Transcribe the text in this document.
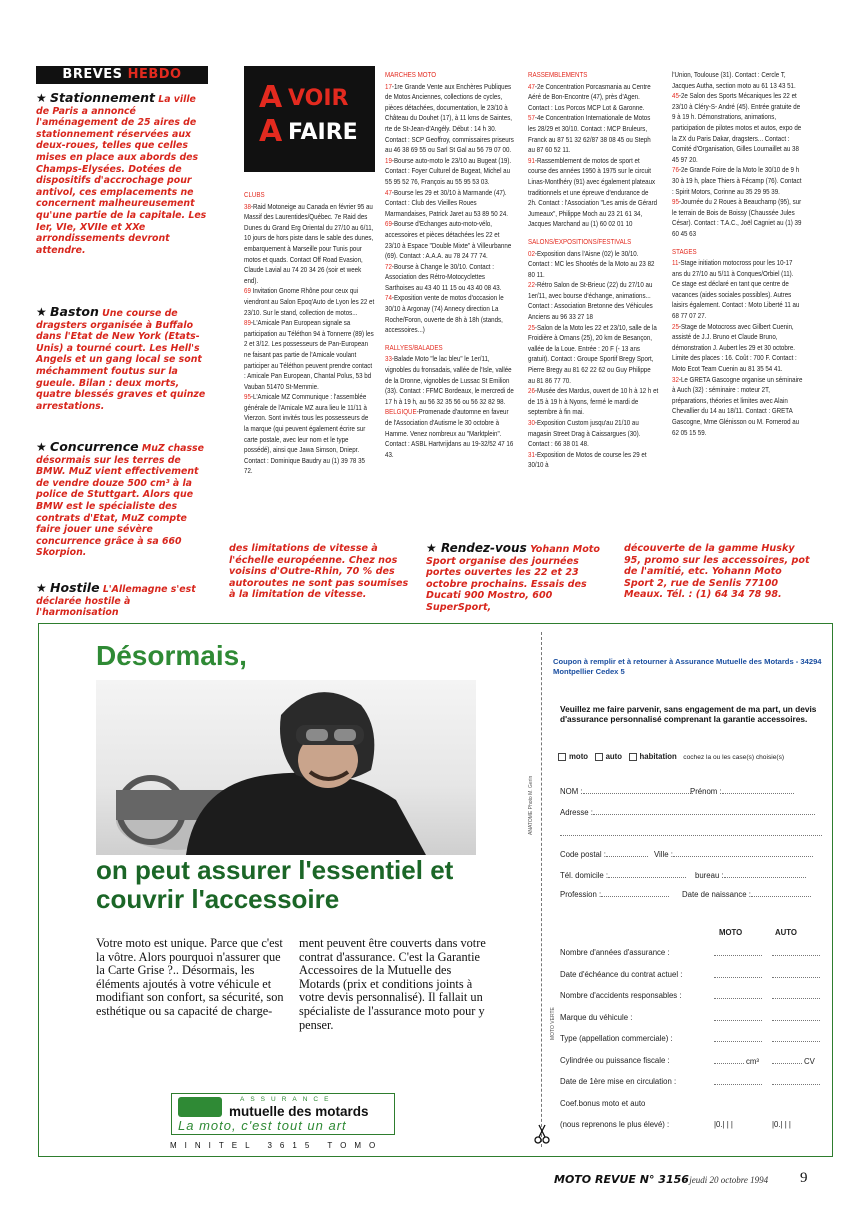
BREVES HEBDO
★ Stationnement La ville de Paris a annoncé l'aménagement de 25 aires de stationnement réservées aux deux-roues, telles que celles mises en place aux abords des Champs-Elysées. Dotées de dispositifs d'accrochage pour antivol, ces emplacements ne concernent malheureusement qu'une partie de la capitale. Les Ier, VIe, XVIIe et XXe arrondissements devront attendre.
★ Baston Une course de dragsters organisée à Buffalo dans l'Etat de New York (Etats-Unis) a tourné court. Les Hell's Angels et un gang local se sont méchamment foutus sur la gueule. Bilan : deux morts, quatre blessés graves et quinze arrestations.
★ Concurrence MuZ chasse désormais sur les terres de BMW. MuZ vient effectivement de vendre douze 500 cm³ à la police de Stuttgart. Alors que BMW est le spécialiste des contrats d'Etat, MuZ compte faire jouer une sévère concurrence grâce à sa 660 Skorpion.
★ Hostile L'Allemagne s'est déclarée hostile à l'harmonisation
A VOIR
A FAIRE
CLUBS

38-Raid Motoneige au Canada en février 95 au Massif des Laurentides/Québec. 7e Raid des Dunes du Grand Erg Oriental du 27/10 au 6/11, 10 jours de hors piste dans le sable des dunes, embarquement à Marseille pour Tunis pour motos et quads. Contact Off Road Evasion, Claude Lavial au 74 20 34 26 (soir et week end).

69 Invitation Gnome Rhône pour ceux qui viendront au Salon Epoq'Auto de Lyon les 22 et 23/10. Sur le stand, collection de motos...

89-L'Amicale Pan European signale sa participation au Téléthon 94 à Tonnerre (89) les 2 et 3/12. Les possesseurs de Pan-European ne faisant pas partie de l'Amicale voulant participer au Téléthon peuvent prendre contact : Amicale Pan European, Chantal Polus, 53 bd Vauban 51470 St-Memmie.

95-L'Amicale MZ Communique : l'assemblée générale de l'Amicale MZ aura lieu le 11/11 à Vierzon. Sont invités tous les possesseurs de la marque (qui peuvent également écrire sur carte postale, avec leur nom et le type possédé), ainsi que Jawa Simson, Dniepr. Contact : Dominique Baudry au (1) 39 78 35 72.

MARCHES MOTO

17-1re Grande Vente aux Enchères Publiques de Motos Anciennes, collections de cycles, pièces détachées, documentation, le 23/10 à Château du Douhet (17), à 11 kms de Saintes, rte de St-Jean-d'Angély. Début : 14 h 30. Contact : SCP Geoffroy, commissaires priseurs au 46 38 69 55 ou Sarl St Gal au 56 79 07 00.

19-Bourse auto-moto le 23/10 au Bugeat (19). Contact : Foyer Culturel de Bugeat, Michel au 55 95 52 76, François au 55 95 53 03.

47-Bourse les 29 et 30/10 à Marmande (47). Contact : Club des Vieilles Roues Marmandaises, Patrick Jaret au 53 89 50 24.

69-Bourse d'Echanges auto-moto-vélo, accessoires et pièces détachées les 22 et 23/10 à Espace "Double Mixte" à Villeurbanne (69). Contact : A.A.A. au 78 24 77 74.

72-Bourse à Change le 30/10. Contact : Association des Rétro-Motocyclettes Sarthoises au 43 40 11 15 ou 43 40 08 43.

74-Exposition vente de motos d'occasion le 30/10 à Argonay (74) Annecy direction La Roche/Foron, ouverte de 8h à 18h (stands, accessoires...)

RALLYES/BALADES

33-Balade Moto "le lac bleu" le 1er/11, vignobles du fronsadais, vallée de l'Isle, vallée de la Dronne, vignobles de Lussac St Emilion (33). Contact : FFMC Bordeaux, le mercredi de 17 h à 19 h, au 56 32 35 56 ou 56 32 82 98.

BELGIQUE-Promenade d'automne en faveur de l'Association d'Autisme le 30 octobre à Hamme. Venez nombreux au "Marktplein". Contact : ASBL Hartvrijdans au 19-32/52 47 16 43.

RASSEMBLEMENTS

47-2e Concentration Porcasmania au Centre Aéré de Bon-Encontre (47), près d'Agen. Contact : Los Porcos MCP Lot & Garonne.

57-4e Concentration Internationale de Motos les 28/29 et 30/10. Contact : MCP Bruleurs, Franck au 87 51 32 62/87 38 08 45 ou Steph au 87 60 52 11.

91-Rassemblement de motos de sport et course des années 1950 à 1975 sur le circuit Linas-Montlhéry (91) avec également plateaux traditionnels et une épreuve d'endurance de 2h. Contact : l'Association "Les amis de Gérard Jumeaux", Philippe Moch au 23 21 61 34, Jacques Marchand au (1) 60 02 01 10

SALONS/EXPOSITIONS/FESTIVALS

02-Exposition dans l'Aisne (02) le 30/10. Contact : MC les Shootés de la Moto au 23 82 80 11.

22-Rétro Salon de St-Brieuc (22) du 27/10 au 1er/11, avec bourse d'échange, animations... Contact : Association Bretonne des Véhicules Anciens au 96 33 27 18

25-Salon de la Moto les 22 et 23/10, salle de la Froidière à Ornans (25), 20 km de Besançon, vallée de la Loue. Entrée : 20 F (- 13 ans gratuit). Contact : Groupe Sportif Bregy Sport, Pierre Bregy au 81 62 22 62 ou Guy Philippe au 81 86 77 70.

26-Musée des Mardus, ouvert de 10 h à 12 h et de 15 à 19 h à Nyons, fermé le mardi de septembre à fin mai.

30-Exposition Custom jusqu'au 21/10 au magasin Street Drag à Caissargues (30). Contact : 66 38 01 48.

31-Exposition de Motos de course les 29 et 30/10 à

l'Union, Toulouse (31). Contact : Cercle T, Jacques Autha, section moto au 61 13 43 51.

45-2e Salon des Sports Mécaniques les 22 et 23/10 à Cléry-S- André (45). Entrée gratuite de 9 à 19 h. Démonstrations, animations, participation de pilotes motos et autos, expo de la ZX du Paris Dakar, dragsters... Contact : Comité d'Organisation, Gilles Loumaillet au 38 45 97 20.

76-2e Grande Foire de la Moto le 30/10 de 9 h 30 à 19 h, place Thiers à Fécamp (76). Contact : Spirit Motors, Corinne au 35 29 95 39.

95-Journée du 2 Roues à Beauchamp (95), sur le terrain de Bois de Boissy (Chaussée Jules César). Contact : T.A.C., Joël Cagniet au (1) 39 60 45 63

STAGES

11-Stage initiation motocross pour les 10-17 ans du 27/10 au 5/11 à Conques/Orbiel (11). Ce stage est déclaré en tant que centre de vacances (aides sociales possibles). Autres laisirs également. Contact : Moto Liberté 11 au 68 77 07 27.

25-Stage de Motocross avec Gilbert Cuenin, assisté de J.J. Bruno et Claude Bruno, démonstration J. Aubert les 29 et 30 octobre. Limite des places : 16. Coût : 700 F. Contact : Moto Ecot Team Cuenin au 81 35 54 41.

32-Le GRETA Gascogne organise un séminaire à Auch (32) : séminaire : moteur 2T, préparations, théories et limites avec Alain Chevallier du 14 au 18/11. Contact : GRETA Gascogne, Mme Glénisson ou M. Fornerod au 62 05 15 59.

des limitations de vitesse à l'échelle européenne. Chez nos voisins d'Outre-Rhin, 70 % des autoroutes ne sont pas soumises à la limitation de vitesse.
★ Rendez-vous Yohann Moto Sport organise des journées portes ouvertes les 22 et 23 octobre prochains. Essais des Ducati 900 Mostro, 600 SuperSport,
découverte de la gamme Husky 95, promo sur les accessoires, pot de l'amitié, etc. Yohann Moto Sport 2, rue de Senlis 77100 Meaux. Tél. : (1) 64 34 78 98.
Désormais,
ANATOME Photo M. Gerin
on peut assurer l'essentiel et couvrir l'accessoire
Votre moto est unique. Parce que c'est la vôtre. Alors pourquoi n'assurer que la Carte Grise ?.. Désormais, les éléments ajoutés à votre véhicule et modifiant son confort, sa sécurité, son esthétique ou sa capacité de charge-
ment peuvent être couverts dans votre contrat d'assurance. C'est la Garantie Accessoires de la Mutuelle des Motards (prix et conditions joints à votre devis personnalisé). Il fallait un spécialiste de l'assurance moto pour y penser.
ASSURANCE
mutuelle des motards
La moto, c'est tout un art
MINITEL 3615 TOMO
Coupon à remplir et à retourner à Assurance Mutuelle des Motards - 34294 Montpellier Cedex 5
Veuillez me faire parvenir, sans engagement de ma part, un devis d'assurance personnalisé comprenant la garantie accessoires.
moto auto habitation cochez la ou les case(s) choisie(s)
NOM :	Prénom :
Adresse :
Code postal :	Ville :
Tél. domicile :	bureau :
Profession :	Date de naissance :
MOTO	AUTO
Nombre d'années d'assurance :
Date d'échéance du contrat actuel :
Nombre d'accidents responsables :
Marque du véhicule :
Type (appellation commerciale) :
Cylindrée ou puissance fiscale :	cm³	CV
Date de 1ère mise en circulation :
Coef.bonus moto et auto
(nous reprenons le plus élevé) :	|0.| | |	|0.| | |
MOTO VERTE
MOTO REVUE N° 3156
- jeudi 20 octobre 1994 9
